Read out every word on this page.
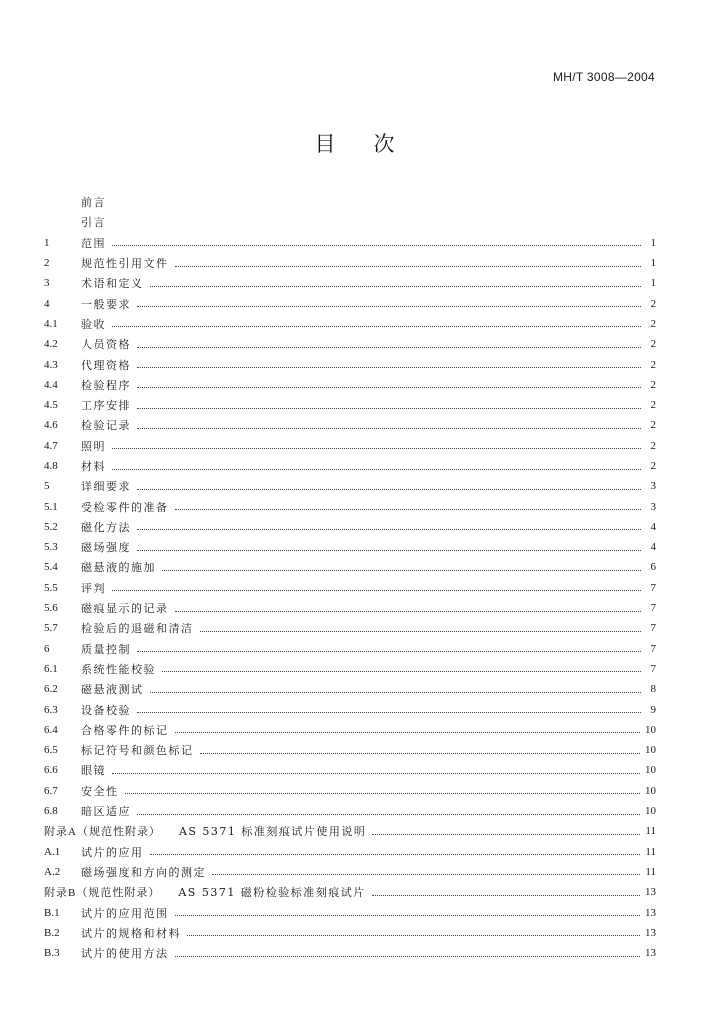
MH/T 3008—2004
目 次
前言
引言
1	范围	1
2	规范性引用文件	1
3	术语和定义	1
4	一般要求	2
4.1	验收	2
4.2	人员资格	2
4.3	代理资格	2
4.4	检验程序	2
4.5	工序安排	2
4.6	检验记录	2
4.7	照明	2
4.8	材料	2
5	详细要求	3
5.1	受检零件的准备	3
5.2	磁化方法	4
5.3	磁场强度	4
5.4	磁悬液的施加	6
5.5	评判	7
5.6	磁痕显示的记录	7
5.7	检验后的退磁和清洁	7
6	质量控制	7
6.1	系统性能校验	7
6.2	磁悬液测试	8
6.3	设备校验	9
6.4	合格零件的标记	10
6.5	标记符号和颜色标记	10
6.6	眼镜	10
6.7	安全性	10
6.8	暗区适应	10
附录A（规范性附录） AS 5371 标准刻痕试片使用说明	11
A.1	试片的应用	11
A.2	磁场强度和方向的测定	11
附录B（规范性附录） AS 5371 磁粉检验标准刻痕试片	13
B.1	试片的应用范围	13
B.2	试片的规格和材料	13
B.3	试片的使用方法	13
